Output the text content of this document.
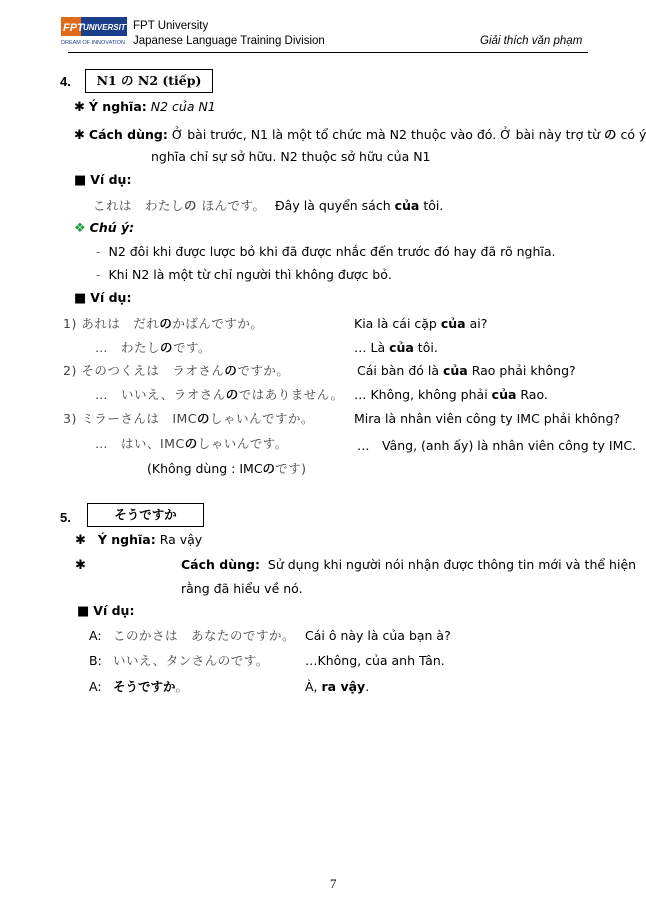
FPT UNIVERSITY
DREAM OF INNOVATION
FPT University
Japanese Language Training Division	Giải thích văn phạm
4.	N1 の N2 (tiếp)
✱ Ý nghĩa: N2 của N1
✱ Cách dùng: Ở bài trước, N1 là một tổ chức mà N2 thuộc vào đó. Ở bài này trợ từ の có ý
nghĩa chỉ sự sở hữu. N2 thuộc sở hữu của N1
■ Ví dụ:
これは　わたしの ほんです。 Đây là quyển sách của tôi.
❖ Chú ý:
-  N2 đôi khi được lược bỏ khi đã được nhắc đến trước đó hay đã rõ nghĩa.
-  Khi N2 là một từ chỉ người thì không được bỏ.
■ Ví dụ:
1) あれは　だれのかばんですか。	Kia là cái cặp của ai?
…　わたしのです。	… Là của tôi.
2) そのつくえは　ラオさんのですか。	Cái bàn đó là của Rao phải không?
…　いいえ、ラオさんのではありません。 … Không, không phải của Rao.
3) ミラーさんは　IMCのしゃいんですか。	Mira là nhân viên công ty IMC phải không?
…　はい、IMCのしゃいんです。	…　Vâng, (anh ấy) là nhân viên công ty IMC.
(Không dùng : IMCのです)
5.	そうですか
✱ Ý nghĩa: Ra vậy
✱	Cách dùng: Sử dụng khi người nói nhận được thông tin mới và thể hiện
rằng đã hiểu về nó.
■ Ví dụ:
A: このかさは　あなたのですか。 Cái ô này là của bạn à?
B: いいえ、タンさんのです。	…Không, của anh Tân.
A: そうですか。	À, ra vậy.
7
